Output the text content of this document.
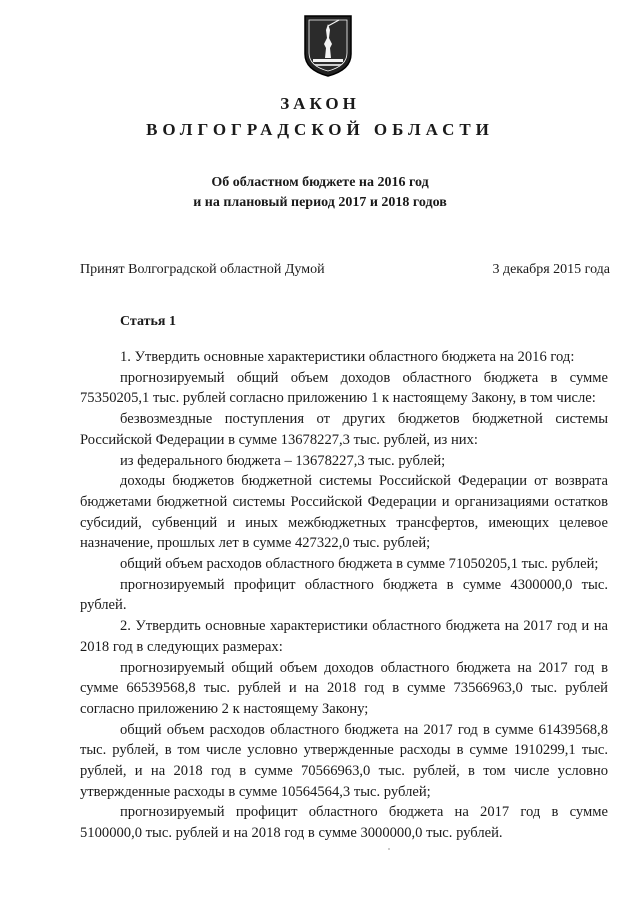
ЗАКОН
ВОЛГОГРАДСКОЙ ОБЛАСТИ
Об областном бюджете на 2016 год
и на плановый период 2017 и 2018 годов
Принят Волгоградской областной Думой	3 декабря 2015 года
Статья 1

1. Утвердить основные характеристики областного бюджета на 2016 год:

прогнозируемый общий объем доходов областного бюджета в сумме 75350205,1 тыс. рублей согласно приложению 1 к настоящему Закону, в том числе:

безвозмездные поступления от других бюджетов бюджетной системы Российской Федерации в сумме 13678227,3 тыс. рублей, из них:

из федерального бюджета – 13678227,3 тыс. рублей;

доходы бюджетов бюджетной системы Российской Федерации от возврата бюджетами бюджетной системы Российской Федерации и организациями остатков субсидий, субвенций и иных межбюджетных трансфертов, имеющих целевое назначение, прошлых лет в сумме 427322,0 тыс. рублей;

общий объем расходов областного бюджета в сумме 71050205,1 тыс. рублей;

прогнозируемый профицит областного бюджета в сумме 4300000,0 тыс. рублей.

2. Утвердить основные характеристики областного бюджета на 2017 год и на 2018 год в следующих размерах:

прогнозируемый общий объем доходов областного бюджета на 2017 год в сумме 66539568,8 тыс. рублей и на 2018 год в сумме 73566963,0 тыс. рублей согласно приложению 2 к настоящему Закону;

общий объем расходов областного бюджета на 2017 год в сумме 61439568,8 тыс. рублей, в том числе условно утвержденные расходы в сумме 1910299,1 тыс. рублей, и на 2018 год в сумме 70566963,0 тыс. рублей, в том числе условно утвержденные расходы в сумме 10564564,3 тыс. рублей;

прогнозируемый профицит областного бюджета на 2017 год в сумме 5100000,0 тыс. рублей и на 2018 год в сумме 3000000,0 тыс. рублей.
